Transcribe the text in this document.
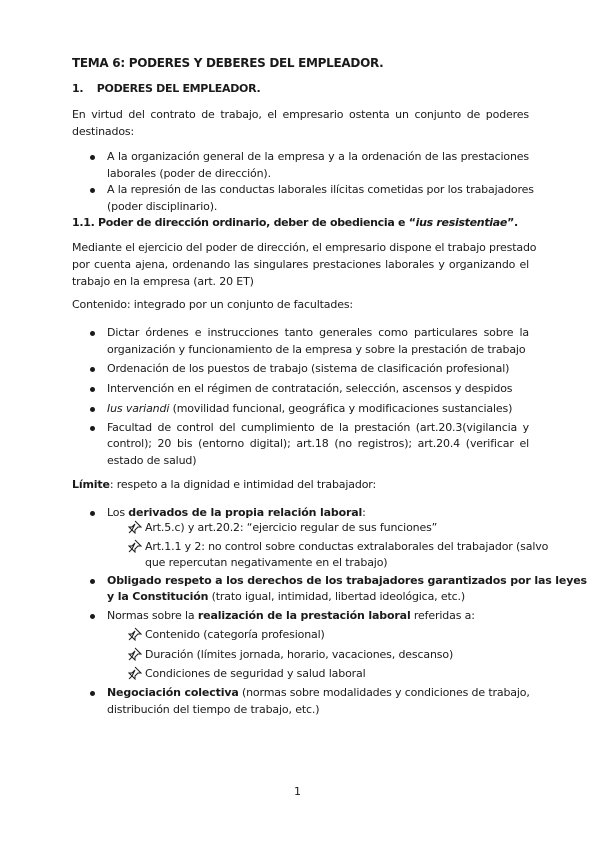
TEMA 6: PODERES Y DEBERES DEL EMPLEADOR.
1. PODERES DEL EMPLEADOR.
En virtud del contrato de trabajo, el empresario ostenta un conjunto de poderes
destinados:
A la organización general de la empresa y a la ordenación de las prestaciones
laborales (poder de dirección).
A la represión de las conductas laborales ilícitas cometidas por los trabajadores
(poder disciplinario).
1.1. Poder de dirección ordinario, deber de obediencia e “ius resistentiae”.
Mediante el ejercicio del poder de dirección, el empresario dispone el trabajo prestado
por cuenta ajena, ordenando las singulares prestaciones laborales y organizando el
trabajo en la empresa (art. 20 ET)
Contenido: integrado por un conjunto de facultades:
Dictar órdenes e instrucciones tanto generales como particulares sobre la
organización y funcionamiento de la empresa y sobre la prestación de trabajo
Ordenación de los puestos de trabajo (sistema de clasificación profesional)
Intervención en el régimen de contratación, selección, ascensos y despidos
Ius variandi (movilidad funcional, geográfica y modificaciones sustanciales)
Facultad de control del cumplimiento de la prestación (art.20.3(vigilancia y
control); 20 bis (entorno digital); art.18 (no registros); art.20.4 (verificar el
estado de salud)
Límite: respeto a la dignidad e intimidad del trabajador:
Los derivados de la propia relación laboral:
Art.5.c) y art.20.2: “ejercicio regular de sus funciones”
Art.1.1 y 2: no control sobre conductas extralaborales del trabajador (salvo
que repercutan negativamente en el trabajo)
Obligado respeto a los derechos de los trabajadores garantizados por las leyes
y la Constitución (trato igual, intimidad, libertad ideológica, etc.)
Normas sobre la realización de la prestación laboral referidas a:
Contenido (categoría profesional)
Duración (límites jornada, horario, vacaciones, descanso)
Condiciones de seguridad y salud laboral
Negociación colectiva (normas sobre modalidades y condiciones de trabajo,
distribución del tiempo de trabajo, etc.)
1
